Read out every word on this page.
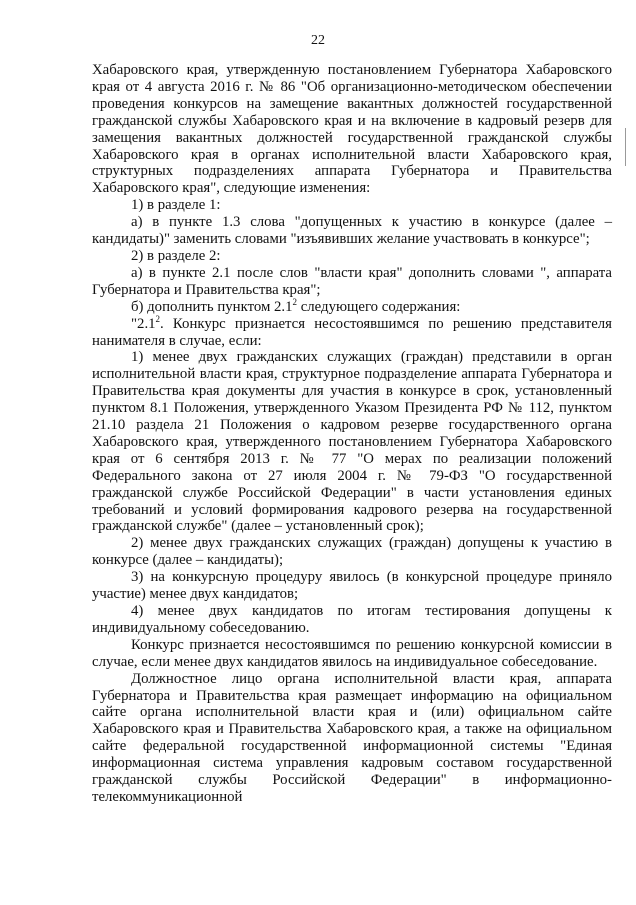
22

Хабаровского края, утвержденную постановлением Губернатора Хабаровского края от 4 августа 2016 г. № 86 "Об организационно-методическом обеспечении проведения конкурсов на замещение вакантных должностей государственной гражданской службы Хабаровского края и на включение в кадровый резерв для замещения вакантных должностей государственной гражданской службы Хабаровского края в органах исполнительной власти Хабаровского края, структурных подразделениях аппарата Губернатора и Правительства Хабаровского края", следующие изменения:

1) в разделе 1:

а) в пункте 1.3 слова "допущенных к участию в конкурсе (далее – кандидаты)" заменить словами "изъявивших желание участвовать в конкурсе";

2) в разделе 2:

а) в пункте 2.1 после слов "власти края" дополнить словами ", аппарата Губернатора и Правительства края";

б) дополнить пунктом $2.1^2$ следующего содержания:

"$2.1^2$. Конкурс признается несостоявшимся по решению представителя нанимателя в случае, если:

1) менее двух гражданских служащих (граждан) представили в орган исполнительной власти края, структурное подразделение аппарата Губернатора и Правительства края документы для участия в конкурсе в срок, установленный пунктом 8.1 Положения, утвержденного Указом Президента РФ № 112, пунктом 21.10 раздела 21 Положения о кадровом резерве государственного органа Хабаровского края, утвержденного постановлением Губернатора Хабаровского края от 6 сентября 2013 г. № 77 "О мерах по реализации положений Федерального закона от 27 июля 2004 г. № 79-ФЗ "О государственной гражданской службе Российской Федерации" в части установления единых требований и условий формирования кадрового резерва на государственной гражданской службе" (далее – установленный срок);

2) менее двух гражданских служащих (граждан) допущены к участию в конкурсе (далее – кандидаты);

3) на конкурсную процедуру явилось (в конкурсной процедуре приняло участие) менее двух кандидатов;

4) менее двух кандидатов по итогам тестирования допущены к индивидуальному собеседованию.

Конкурс признается несостоявшимся по решению конкурсной комиссии в случае, если менее двух кандидатов явилось на индивидуальное собеседование.

Должностное лицо органа исполнительной власти края, аппарата Губернатора и Правительства края размещает информацию на официальном сайте органа исполнительной власти края и (или) официальном сайте Хабаровского края и Правительства Хабаровского края, а также на официальном сайте федеральной государственной информационной системы "Единая информационная система управления кадровым составом государственной гражданской службы Российской Федерации" в информационно-телекоммуникационной
